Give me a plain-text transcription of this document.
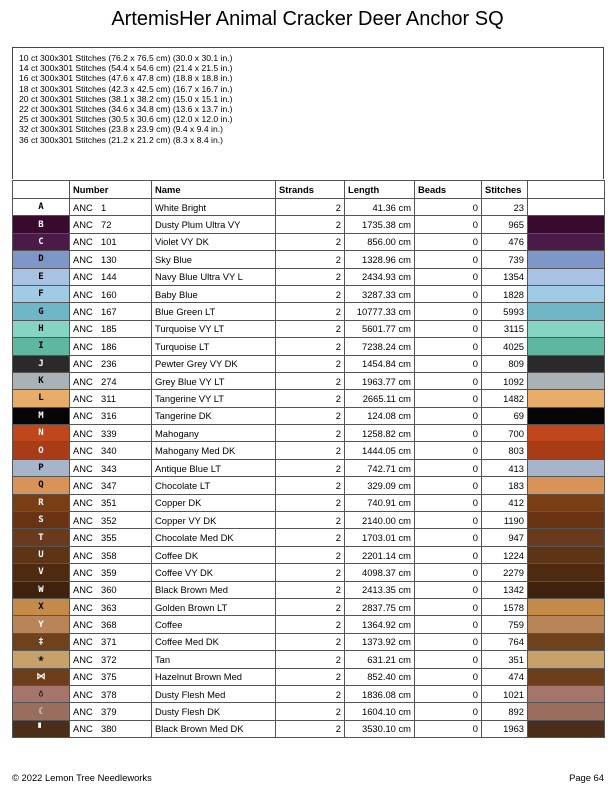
ArtemisHer Animal Cracker Deer Anchor SQ
10 ct 300x301 Stitches (76.2 x 76.5 cm) (30.0 x 30.1 in.)
14 ct 300x301 Stitches (54.4 x 54.6 cm) (21.4 x 21.5 in.)
16 ct 300x301 Stitches (47.6 x 47.8 cm) (18.8 x 18.8 in.)
18 ct 300x301 Stitches (42.3 x 42.5 cm) (16.7 x 16.7 in.)
20 ct 300x301 Stitches (38.1 x 38.2 cm) (15.0 x 15.1 in.)
22 ct 300x301 Stitches (34.6 x 34.8 cm) (13.6 x 13.7 in.)
25 ct 300x301 Stitches (30.5 x 30.6 cm) (12.0 x 12.0 in.)
32 ct 300x301 Stitches (23.8 x 23.9 cm) (9.4 x 9.4 in.)
36 ct 300x301 Stitches (21.2 x 21.2 cm) (8.3 x 8.4 in.)
	Number	Name	Strands	Length	Beads	Stitches	
A	ANC 1	White Bright	2	41.36 cm	0	23	
B	ANC 72	Dusty Plum Ultra VY	2	1735.38 cm	0	965	
C	ANC 101	Violet VY DK	2	856.00 cm	0	476	
D	ANC 130	Sky Blue	2	1328.96 cm	0	739	
E	ANC 144	Navy Blue Ultra VY L	2	2434.93 cm	0	1354	
F	ANC 160	Baby Blue	2	3287.33 cm	0	1828	
G	ANC 167	Blue Green LT	2	10777.33 cm	0	5993	
H	ANC 185	Turquoise VY LT	2	5601.77 cm	0	3115	
I	ANC 186	Turquoise LT	2	7238.24 cm	0	4025	
J	ANC 236	Pewter Grey VY DK	2	1454.84 cm	0	809	
K	ANC 274	Grey Blue VY LT	2	1963.77 cm	0	1092	
L	ANC 311	Tangerine VY LT	2	2665.11 cm	0	1482	
M	ANC 316	Tangerine DK	2	124.08 cm	0	69	
N	ANC 339	Mahogany	2	1258.82 cm	0	700	
O	ANC 340	Mahogany Med DK	2	1444.05 cm	0	803	
P	ANC 343	Antique Blue LT	2	742.71 cm	0	413	
Q	ANC 347	Chocolate LT	2	329.09 cm	0	183	
R	ANC 351	Copper DK	2	740.91 cm	0	412	
S	ANC 352	Copper VY DK	2	2140.00 cm	0	1190	
T	ANC 355	Chocolate Med DK	2	1703.01 cm	0	947	
U	ANC 358	Coffee DK	2	2201.14 cm	0	1224	
V	ANC 359	Coffee VY DK	2	4098.37 cm	0	2279	
W	ANC 360	Black Brown Med	2	2413.35 cm	0	1342	
X	ANC 363	Golden Brown LT	2	2837.75 cm	0	1578	
Y	ANC 368	Coffee	2	1364.92 cm	0	759	
‡	ANC 371	Coffee Med DK	2	1373.92 cm	0	764	
❀	ANC 372	Tan	2	631.21 cm	0	351	
⋈	ANC 375	Hazelnut Brown Med	2	852.40 cm	0	474	
♁	ANC 378	Dusty Flesh Med	2	1836.08 cm	0	1021	
☾	ANC 379	Dusty Flesh DK	2	1604.10 cm	0	892	
▘	ANC 380	Black Brown Med DK	2	3530.10 cm	0	1963	
© 2022 Lemon Tree Needleworks	Page 64
